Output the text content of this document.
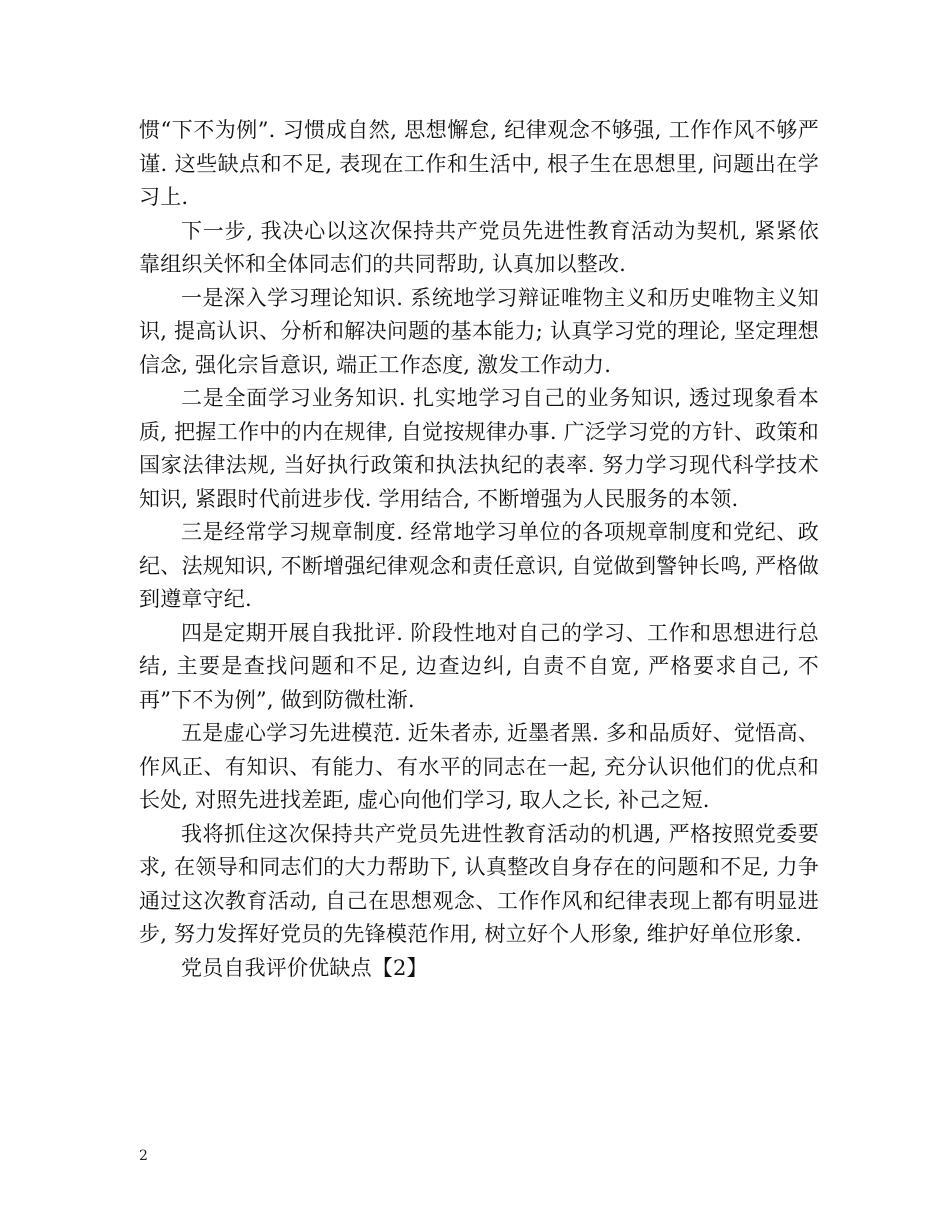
惯“下不为例”. 习惯成自然, 思想懈怠, 纪律观念不够强, 工作作风不够严谨. 这些缺点和不足, 表现在工作和生活中, 根子生在思想里, 问题出在学习上.

下一步, 我决心以这次保持共产党员先进性教育活动为契机, 紧紧依靠组织关怀和全体同志们的共同帮助, 认真加以整改.

一是深入学习理论知识. 系统地学习辩证唯物主义和历史唯物主义知识, 提高认识、分析和解决问题的基本能力; 认真学习党的理论, 坚定理想信念, 强化宗旨意识, 端正工作态度, 激发工作动力.

二是全面学习业务知识. 扎实地学习自己的业务知识, 透过现象看本质, 把握工作中的内在规律, 自觉按规律办事. 广泛学习党的方针、政策和国家法律法规, 当好执行政策和执法执纪的表率. 努力学习现代科学技术知识, 紧跟时代前进步伐. 学用结合, 不断增强为人民服务的本领.

三是经常学习规章制度. 经常地学习单位的各项规章制度和党纪、政纪、法规知识, 不断增强纪律观念和责任意识, 自觉做到警钟长鸣, 严格做到遵章守纪.

四是定期开展自我批评. 阶段性地对自己的学习、工作和思想进行总结, 主要是查找问题和不足, 边查边纠, 自责不自宽, 严格要求自己, 不再”下不为例”, 做到防微杜渐.

五是虚心学习先进模范. 近朱者赤, 近墨者黑. 多和品质好、觉悟高、作风正、有知识、有能力、有水平的同志在一起, 充分认识他们的优点和长处, 对照先进找差距, 虚心向他们学习, 取人之长, 补己之短.

我将抓住这次保持共产党员先进性教育活动的机遇, 严格按照党委要求, 在领导和同志们的大力帮助下, 认真整改自身存在的问题和不足, 力争通过这次教育活动, 自己在思想观念、工作作风和纪律表现上都有明显进步, 努力发挥好党员的先锋模范作用, 树立好个人形象, 维护好单位形象.

党员自我评价优缺点【2】

2
